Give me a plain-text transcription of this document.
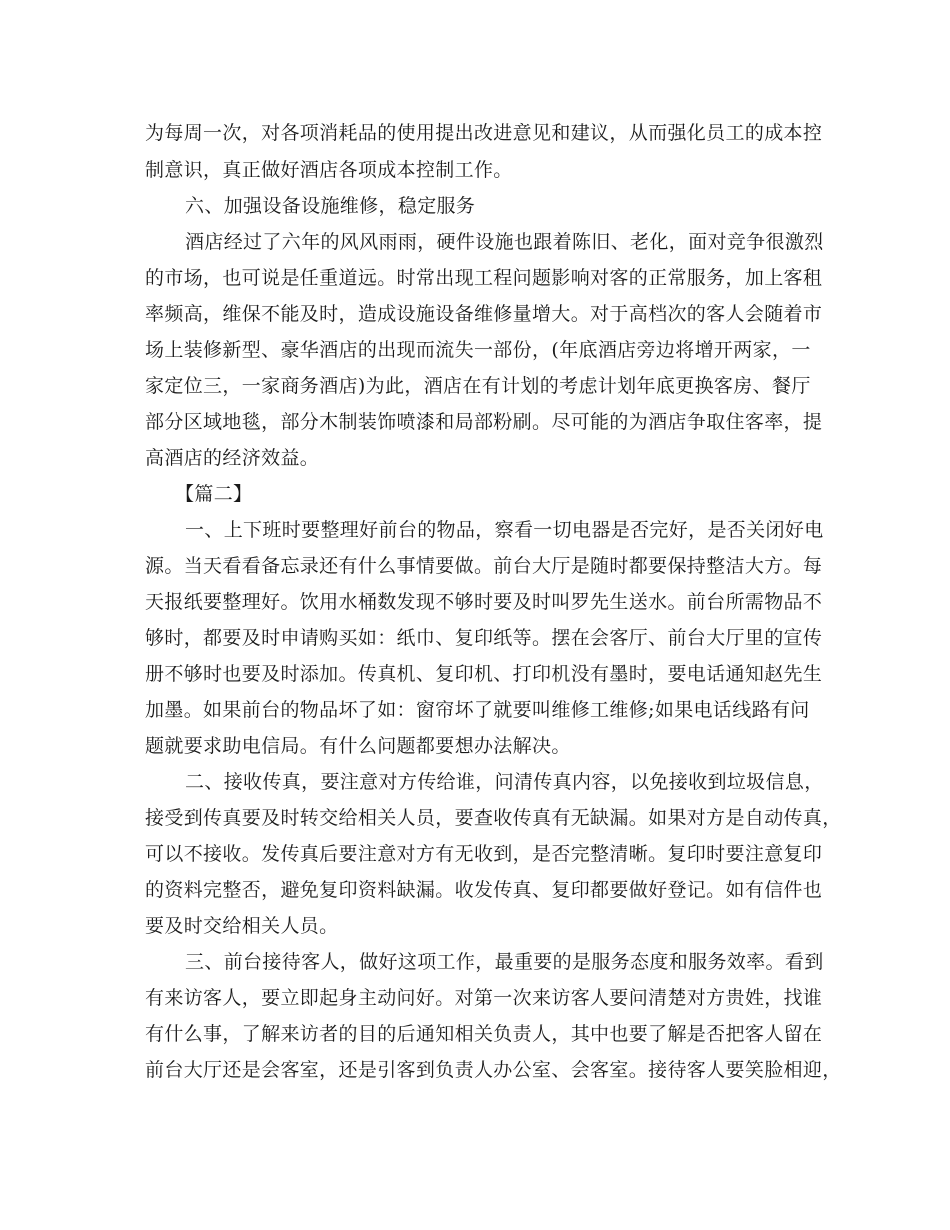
为每周一次，对各项消耗品的使用提出改进意见和建议，从而强化员工的成本控
制意识，真正做好酒店各项成本控制工作。
六、加强设备设施维修，稳定服务
酒店经过了六年的风风雨雨，硬件设施也跟着陈旧、老化，面对竞争很激烈
的市场，也可说是任重道远。时常出现工程问题影响对客的正常服务，加上客租
率频高，维保不能及时，造成设施设备维修量增大。对于高档次的客人会随着市
场上装修新型、豪华酒店的出现而流失一部份，(年底酒店旁边将增开两家，一
家定位三，一家商务酒店)为此，酒店在有计划的考虑计划年底更换客房、餐厅
部分区域地毯，部分木制装饰喷漆和局部粉刷。尽可能的为酒店争取住客率，提
高酒店的经济效益。
【篇二】
一、上下班时要整理好前台的物品，察看一切电器是否完好，是否关闭好电
源。当天看看备忘录还有什么事情要做。前台大厅是随时都要保持整洁大方。每
天报纸要整理好。饮用水桶数发现不够时要及时叫罗先生送水。前台所需物品不
够时，都要及时申请购买如：纸巾、复印纸等。摆在会客厅、前台大厅里的宣传
册不够时也要及时添加。传真机、复印机、打印机没有墨时，要电话通知赵先生
加墨。如果前台的物品坏了如：窗帘坏了就要叫维修工维修;如果电话线路有问
题就要求助电信局。有什么问题都要想办法解决。
二、接收传真，要注意对方传给谁，问清传真内容，以免接收到垃圾信息，
接受到传真要及时转交给相关人员，要查收传真有无缺漏。如果对方是自动传真，
可以不接收。发传真后要注意对方有无收到，是否完整清晰。复印时要注意复印
的资料完整否，避免复印资料缺漏。收发传真、复印都要做好登记。如有信件也
要及时交给相关人员。
三、前台接待客人，做好这项工作，最重要的是服务态度和服务效率。看到
有来访客人，要立即起身主动问好。对第一次来访客人要问清楚对方贵姓，找谁
有什么事，了解来访者的目的后通知相关负责人，其中也要了解是否把客人留在
前台大厅还是会客室，还是引客到负责人办公室、会客室。接待客人要笑脸相迎，
